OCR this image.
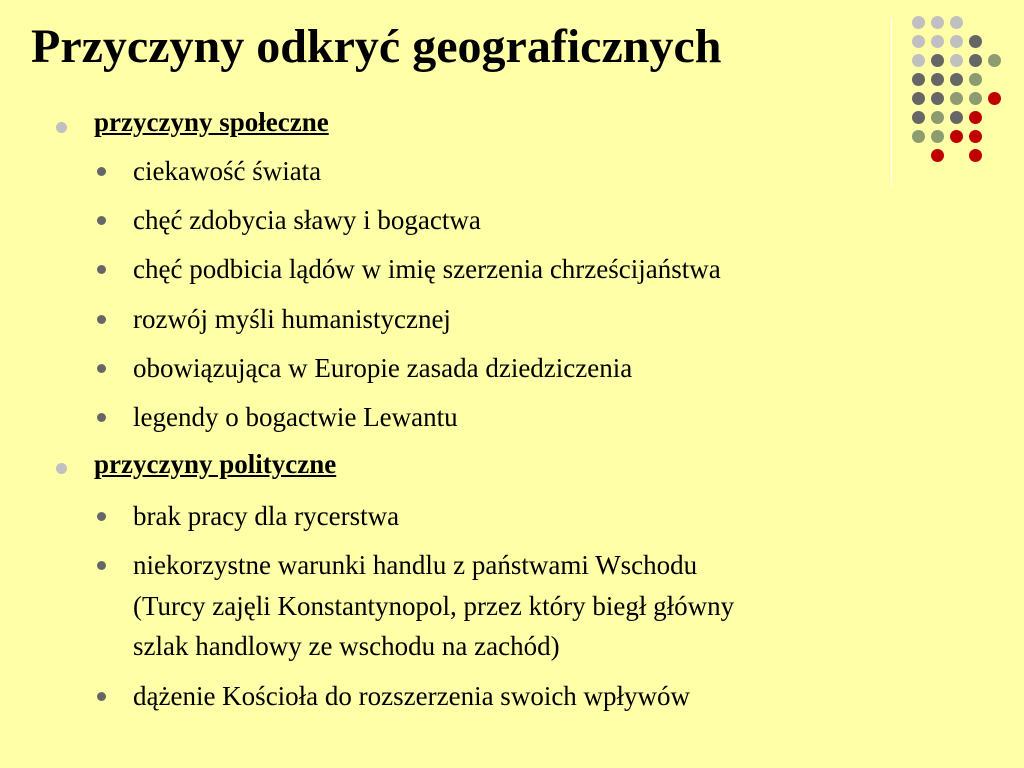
Przyczyny odkryć geograficznych
przyczyny społeczne
ciekawość świata
chęć zdobycia sławy i bogactwa
chęć podbicia lądów w imię szerzenia chrześcijaństwa
rozwój myśli humanistycznej
obowiązująca w Europie zasada dziedziczenia
legendy o bogactwie Lewantu
przyczyny polityczne
brak pracy dla rycerstwa
niekorzystne warunki handlu z państwami Wschodu
(Turcy zajęli Konstantynopol, przez który biegł główny
szlak handlowy ze wschodu na zachód)
dążenie Kościoła do rozszerzenia swoich wpływów
